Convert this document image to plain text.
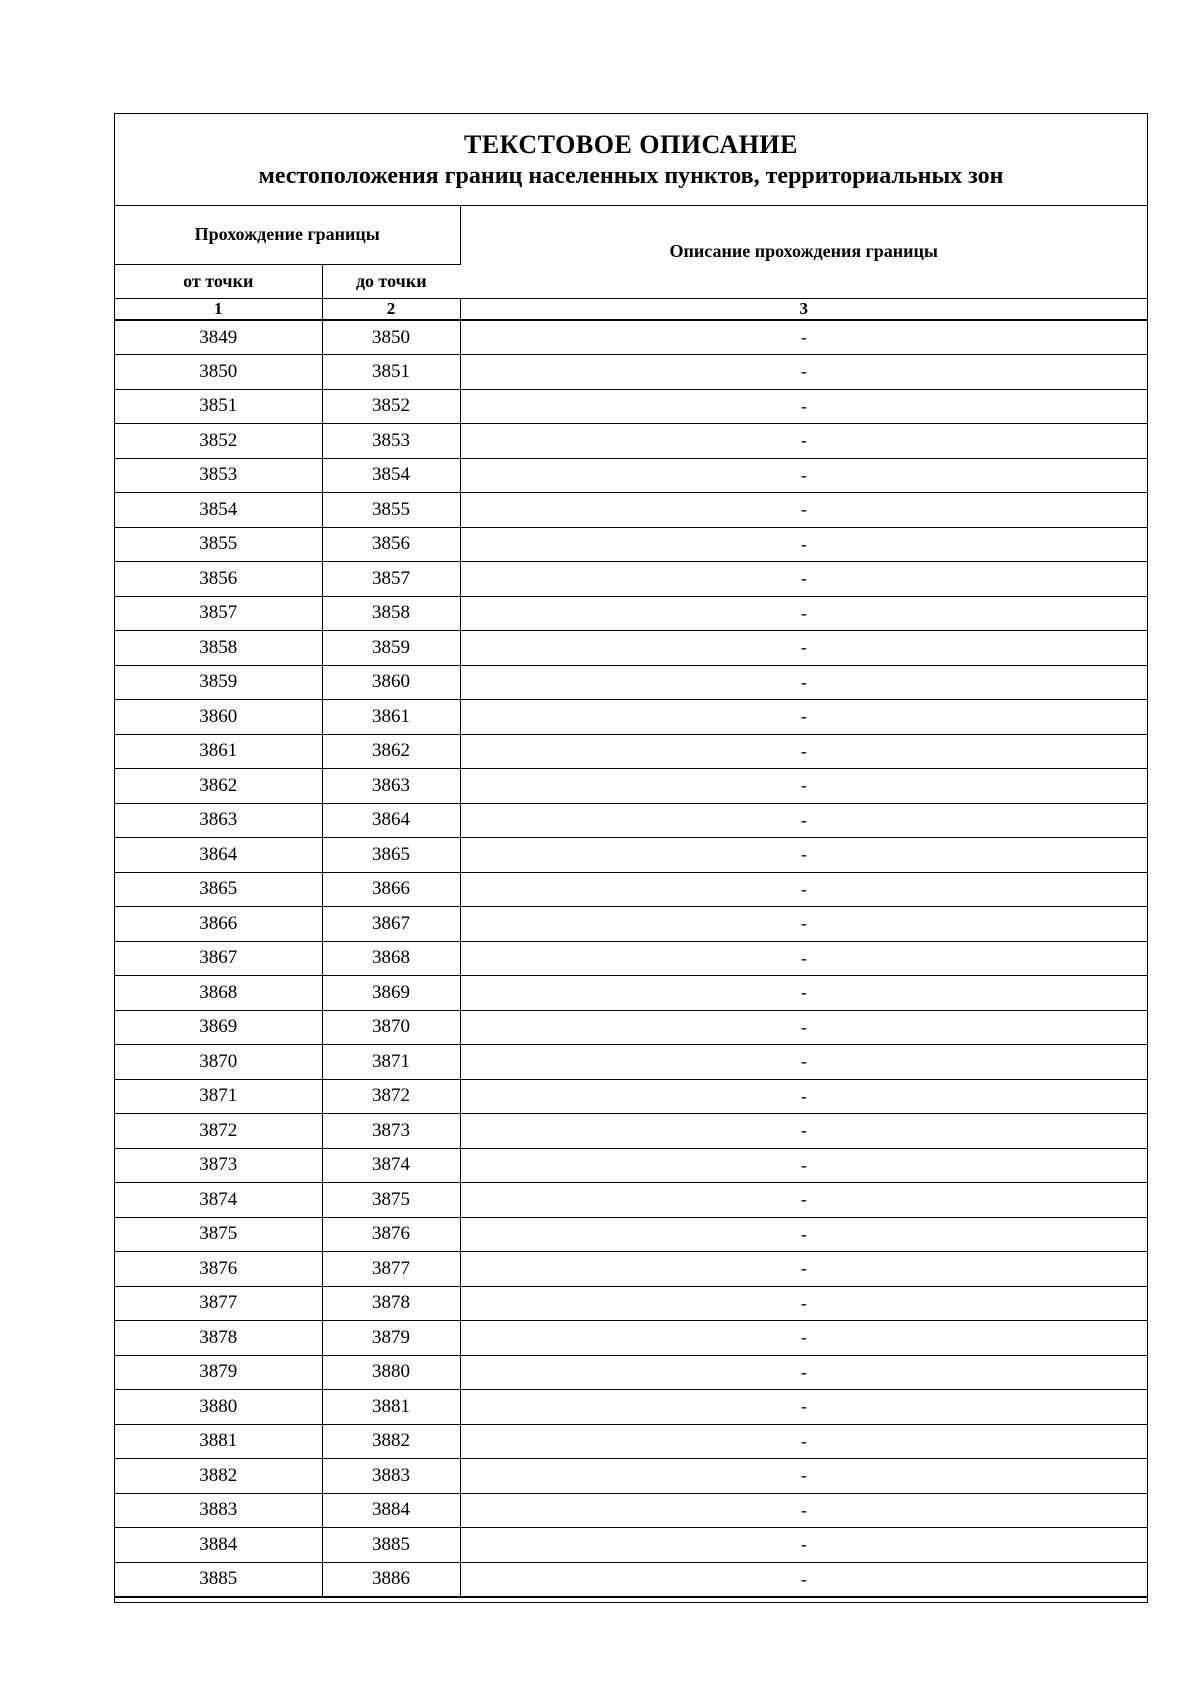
ТЕКСТОВОЕ ОПИСАНИЕ
местоположения границ населенных пунктов, территориальных зон
Прохождение границы		Описание прохождения границы
от точки	до точки	
1	2	3
3849	3850	-
3850	3851	-
3851	3852	-
3852	3853	-
3853	3854	-
3854	3855	-
3855	3856	-
3856	3857	-
3857	3858	-
3858	3859	-
3859	3860	-
3860	3861	-
3861	3862	-
3862	3863	-
3863	3864	-
3864	3865	-
3865	3866	-
3866	3867	-
3867	3868	-
3868	3869	-
3869	3870	-
3870	3871	-
3871	3872	-
3872	3873	-
3873	3874	-
3874	3875	-
3875	3876	-
3876	3877	-
3877	3878	-
3878	3879	-
3879	3880	-
3880	3881	-
3881	3882	-
3882	3883	-
3883	3884	-
3884	3885	-
3885	3886	-
